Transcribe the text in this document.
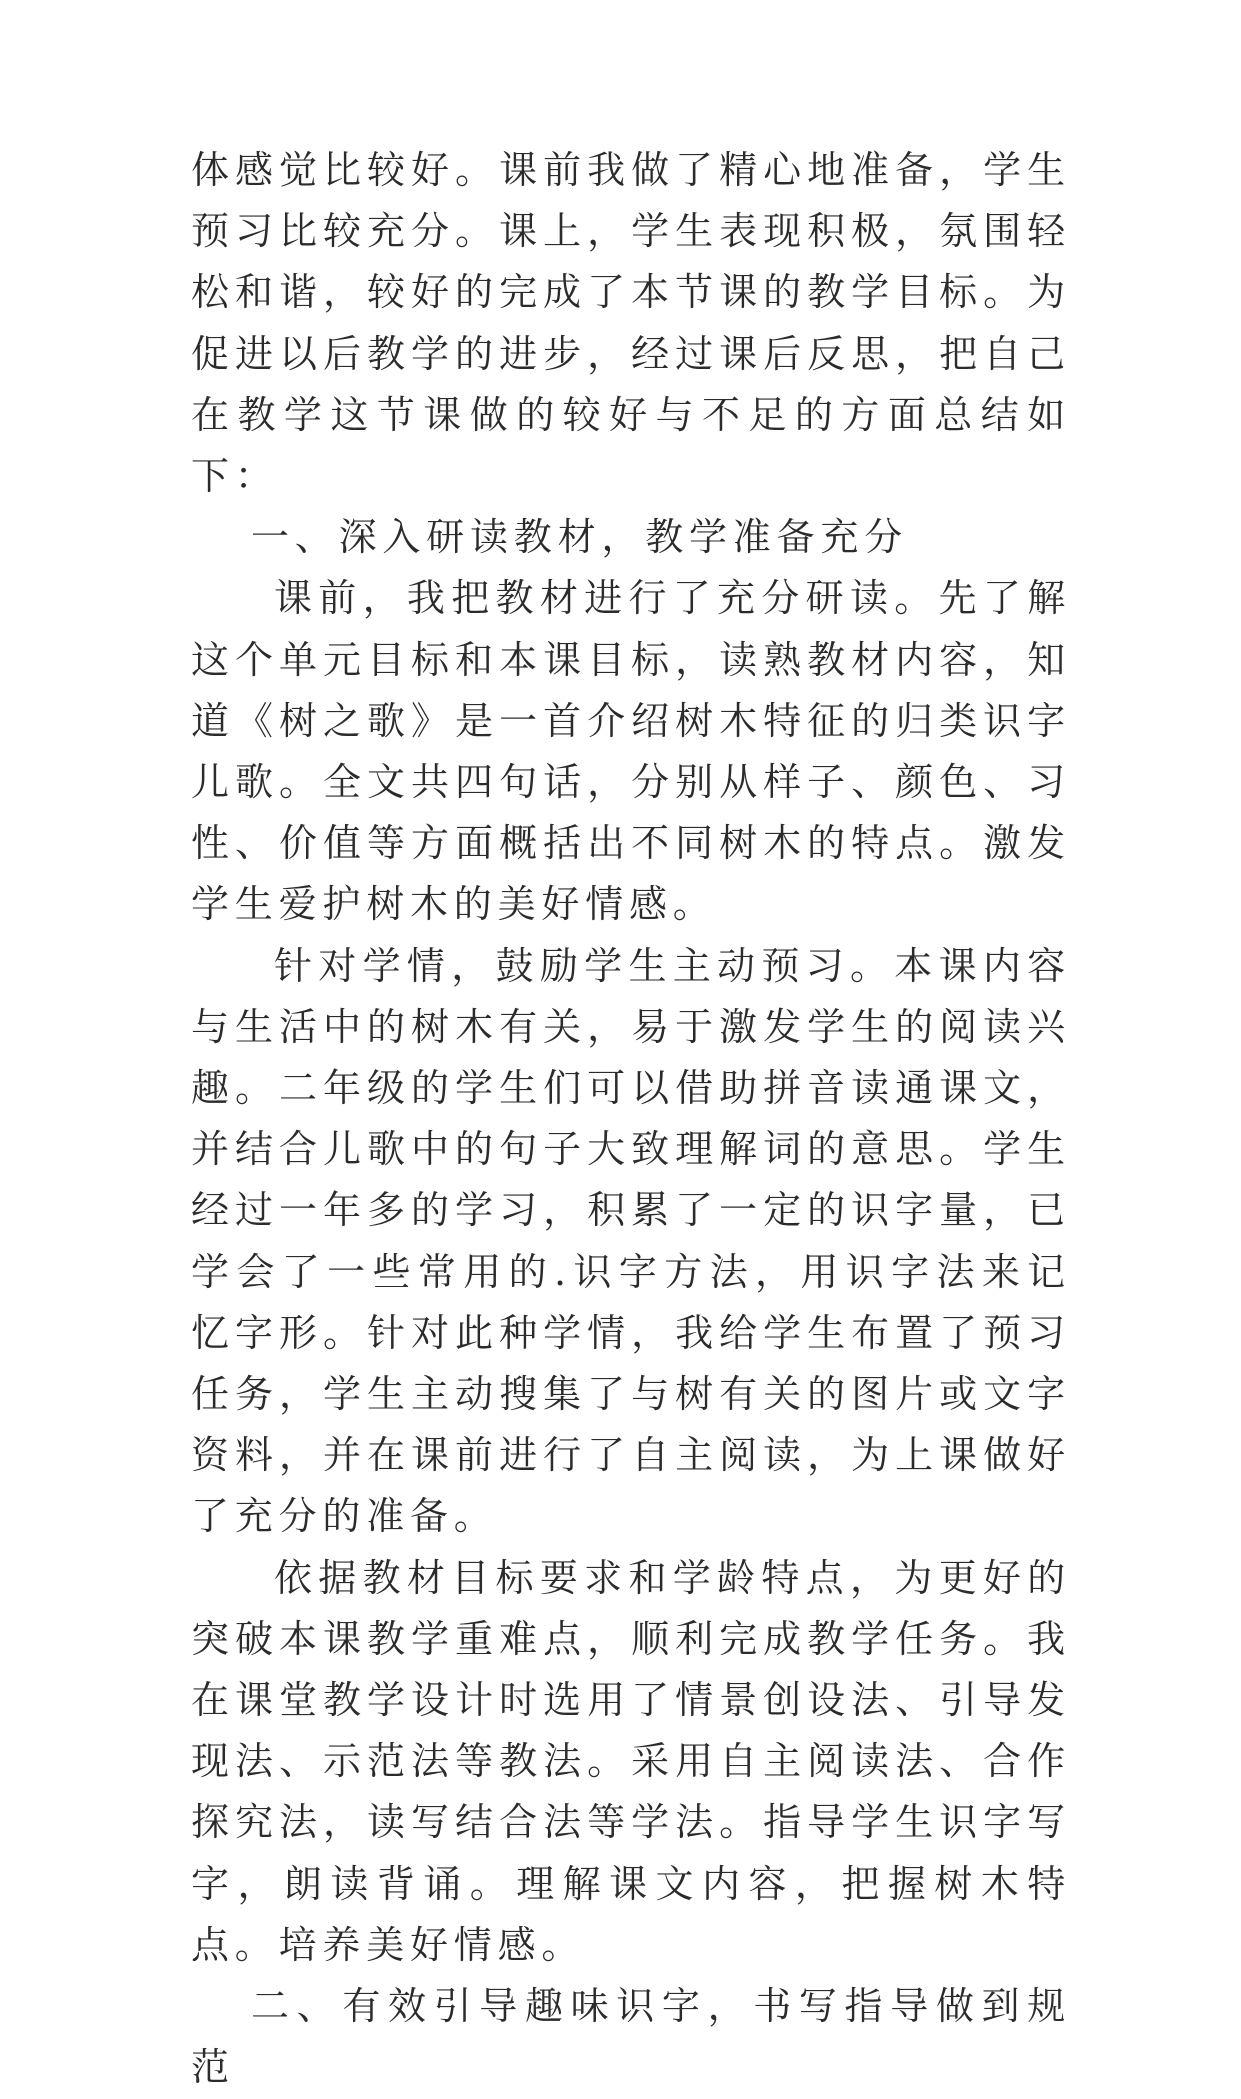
体感觉比较好。课前我做了精心地准备，学生预习比较充分。课上，学生表现积极，氛围轻松和谐，较好的完成了本节课的教学目标。为促进以后教学的进步，经过课后反思，把自己在教学这节课做的较好与不足的方面总结如下：

一、深入研读教材，教学准备充分

课前，我把教材进行了充分研读。先了解这个单元目标和本课目标，读熟教材内容，知道《树之歌》是一首介绍树木特征的归类识字儿歌。全文共四句话，分别从样子、颜色、习性、价值等方面概括出不同树木的特点。激发学生爱护树木的美好情感。

针对学情，鼓励学生主动预习。本课内容与生活中的树木有关，易于激发学生的阅读兴趣。二年级的学生们可以借助拼音读通课文，并结合儿歌中的句子大致理解词的意思。学生经过一年多的学习，积累了一定的识字量，已学会了一些常用的.识字方法，用识字法来记忆字形。针对此种学情，我给学生布置了预习任务，学生主动搜集了与树有关的图片或文字资料，并在课前进行了自主阅读，为上课做好了充分的准备。

依据教材目标要求和学龄特点，为更好的突破本课教学重难点，顺利完成教学任务。我在课堂教学设计时选用了情景创设法、引导发现法、示范法等教法。采用自主阅读法、合作探究法，读写结合法等学法。指导学生识字写字，朗读背诵。理解课文内容，把握树木特点。培养美好情感。

二、有效引导趣味识字，书写指导做到规范
